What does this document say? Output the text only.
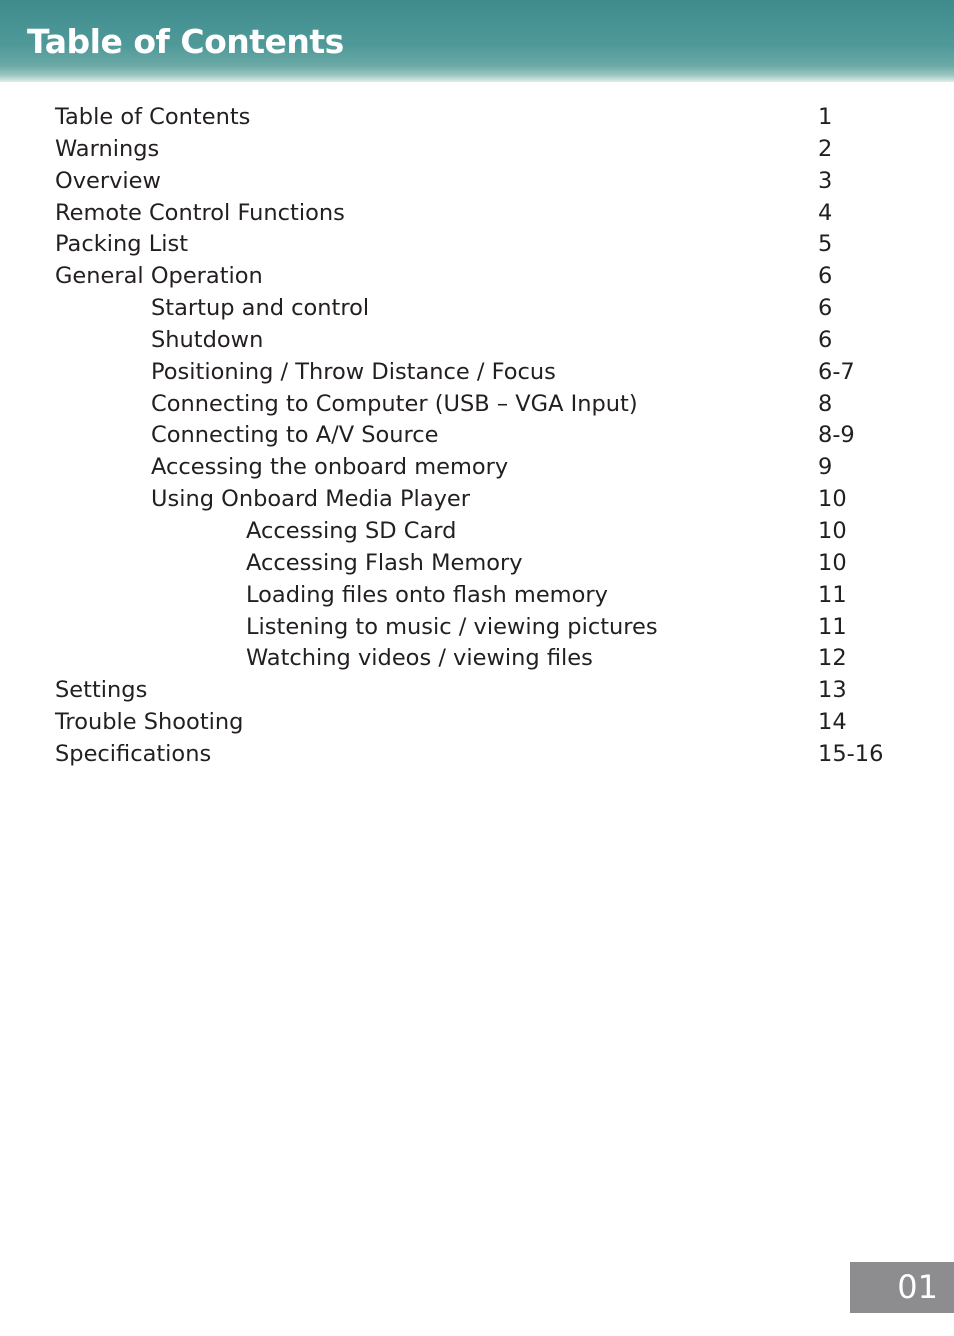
Table of Contents
Table of Contents	1
Warnings	2
Overview	3
Remote Control Functions	4
Packing List	5
General Operation	6
Startup and control	6
Shutdown	6
Positioning / Throw Distance / Focus	6-7
Connecting to Computer (USB – VGA Input)	8
Connecting to A/V Source	8-9
Accessing the onboard memory	9
Using Onboard Media Player	10
Accessing SD Card	10
Accessing Flash Memory	10
Loading files onto flash memory	11
Listening to music / viewing pictures	11
Watching videos / viewing files	12
Settings	13
Trouble Shooting	14
Specifications	15-16
01
